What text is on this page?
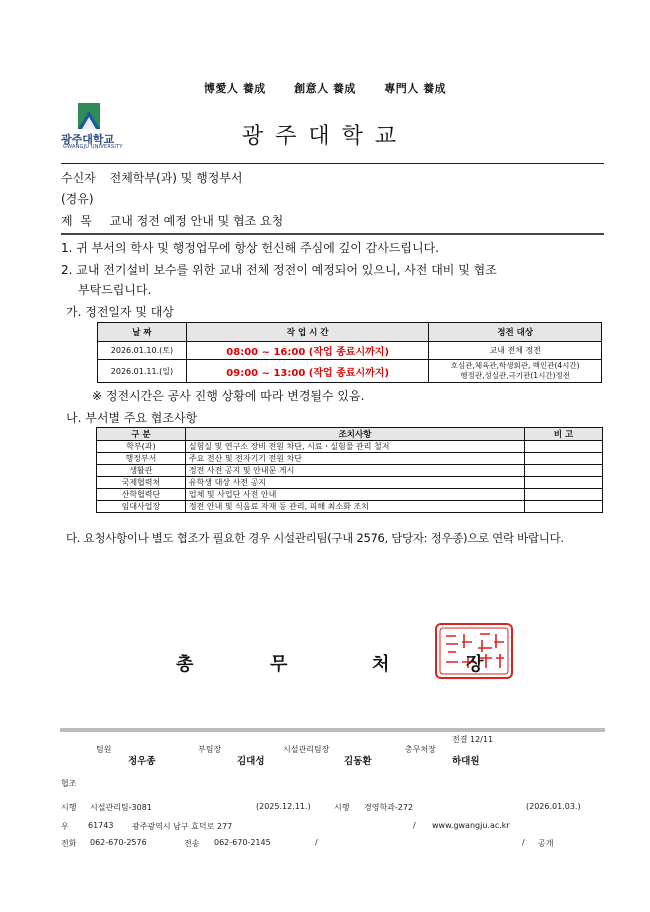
博愛人 養成	創意人 養成	專門人 養成
광주대학교
GWANGJU UNIVERSITY	광주대학교
수신자 전체학부(과) 및 행정부서
(경유)
제  목 교내 정전 예정 안내 및 협조 요청
1. 귀 부서의 학사 및 행정업무에 항상 헌신해 주심에 깊이 감사드립니다.
2. 교내 전기설비 보수를 위한 교내 전체 정전이 예정되어 있으니, 사전 대비 및 협조
부탁드립니다.
가. 정전일자 및 대상
날 짜	작 업 시 간	정전 대상
2026.01.10.(토)	08:00 ~ 16:00 (작업 종료시까지)	교내 전체 정전
2026.01.11.(일)	09:00 ~ 13:00 (작업 종료시까지)	호심관,체육관,학생회관, 백인관(4시간)
행정관,성실관,극기관(1시간)정전
※ 정전시간은 공사 진행 상황에 따라 변경될수 있음.
나. 부서별 주요 협조사항
구 분	조치사항	비 고
학부(과)	실험실 및 연구소 장비 전원 차단, 시료ㆍ실험물 관리 철저	
행정부서	주요 전산 및 전자기기 전원 차단	
생활관	정전 사전 공지 및 안내문 게시	
국제협력처	유학생 대상 사전 공지	
산학협력단	업체 및 사업단 사전 안내	
임대사업장	정전 안내 및 식음료 자재 등 관리, 피해 최소화 조치	
다. 요청사항이나 별도 협조가 필요한 경우 시설관리팀(구내 2576, 담당자: 정우종)으로 연락 바랍니다.
총	무	처	장
전결 12/11
팀원
정우종
부팀장
김대성
시설관리팀장
김동환
총무처장
하대원
협조
시행 시설관리팀-3081	(2025.12.11.)	시행 경영학과-272	(2026.01.03.)
우 61743 광주광역시 남구 효덕로 277	/ www.gwangju.ac.kr
전화 062-670-2576	전송 062-670-2145	/	/ 공개
